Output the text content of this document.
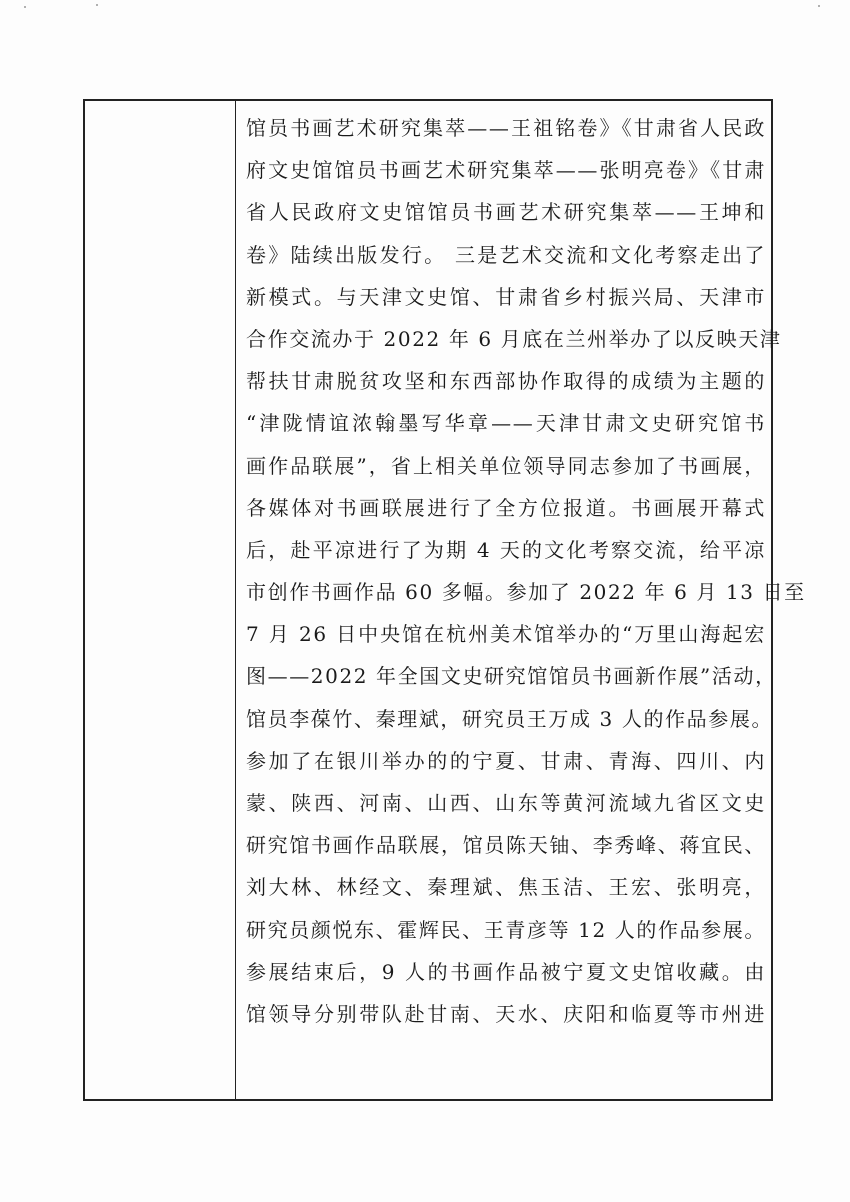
馆员书画艺术研究集萃——王祖铭卷》《甘肃省人民政
府文史馆馆员书画艺术研究集萃——张明亮卷》《甘肃
省人民政府文史馆馆员书画艺术研究集萃——王坤和
卷》陆续出版发行。 三是艺术交流和文化考察走出了
新模式。与天津文史馆、甘肃省乡村振兴局、天津市
合作交流办于 2022 年 6 月底在兰州举办了以反映天津
帮扶甘肃脱贫攻坚和东西部协作取得的成绩为主题的
“津陇情谊浓翰墨写华章——天津甘肃文史研究馆书
画作品联展”，省上相关单位领导同志参加了书画展，
各媒体对书画联展进行了全方位报道。书画展开幕式
后，赴平凉进行了为期 4 天的文化考察交流，给平凉
市创作书画作品 60 多幅。参加了 2022 年 6 月 13 日至
7 月 26 日中央馆在杭州美术馆举办的“万里山海起宏
图——2022 年全国文史研究馆馆员书画新作展”活动，
馆员李葆竹、秦理斌，研究员王万成 3 人的作品参展。
参加了在银川举办的的宁夏、甘肃、青海、四川、内
蒙、陕西、河南、山西、山东等黄河流域九省区文史
研究馆书画作品联展，馆员陈天铀、李秀峰、蒋宜民、
刘大林、林经文、秦理斌、焦玉洁、王宏、张明亮，
研究员颜悦东、霍辉民、王青彦等 12 人的作品参展。
参展结束后，9 人的书画作品被宁夏文史馆收藏。由
馆领导分别带队赴甘南、天水、庆阳和临夏等市州进
